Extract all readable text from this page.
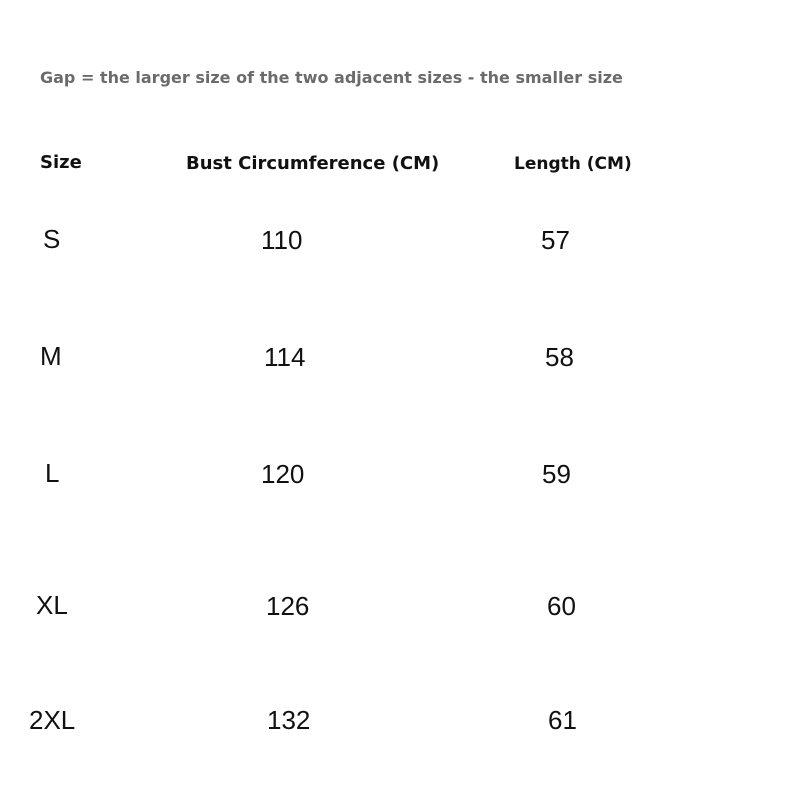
Gap = the larger size of the two adjacent sizes - the smaller size
Size	Bust Circumference (CM)	Length (CM)
S	110	57
M	114	58
L	120	59
XL	126	60
2XL	132	61
